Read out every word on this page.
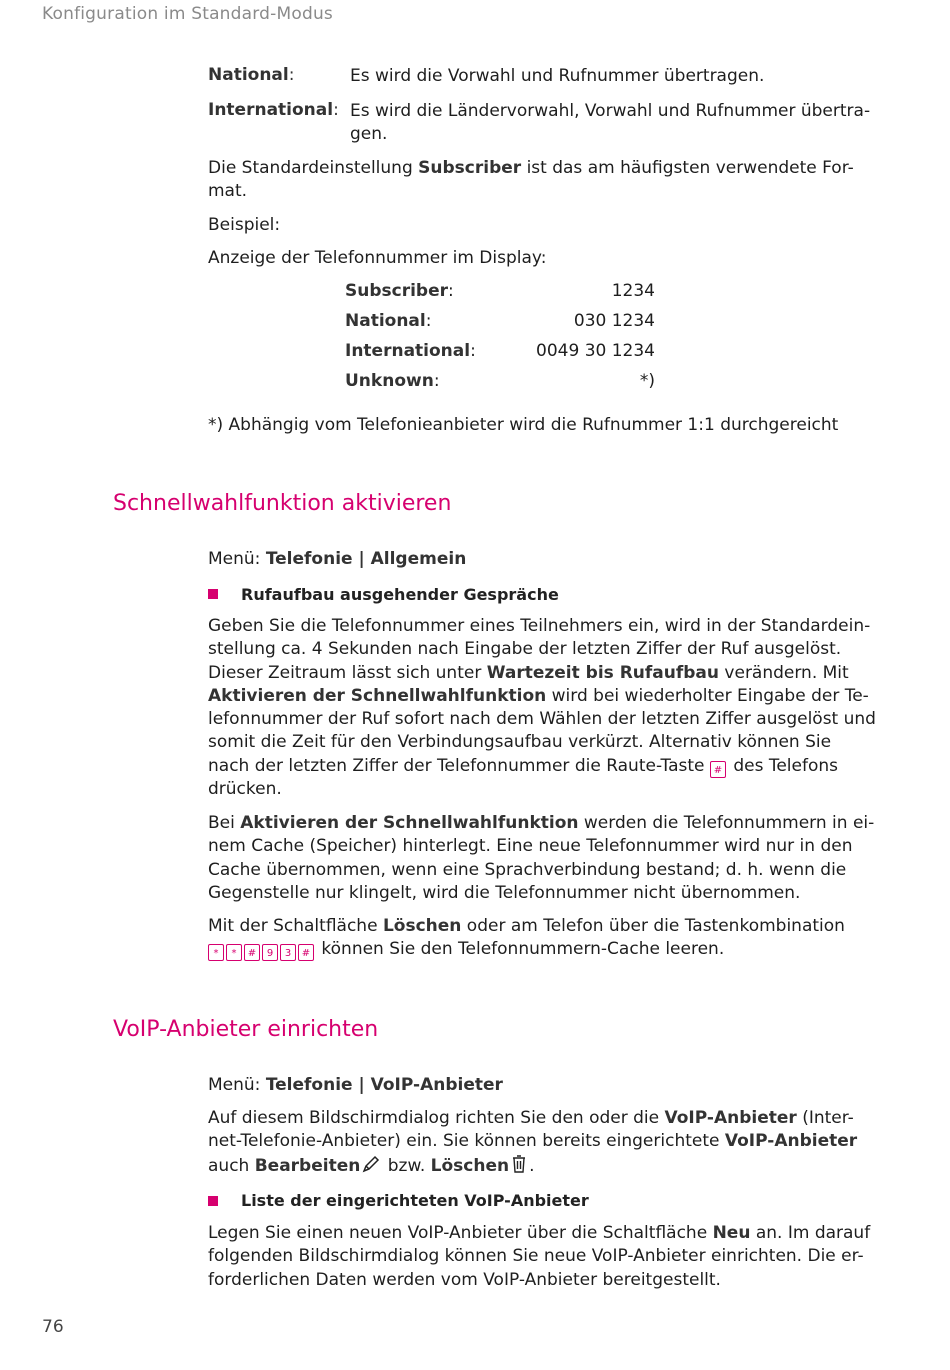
Konfiguration im Standard-Modus
National:	Es wird die Vorwahl und Rufnummer übertragen.
International: Es wird die Ländervorwahl, Vorwahl und Rufnummer übertra-
gen.
Die Standardeinstellung Subscriber ist das am häufigsten verwendete For-
mat.
Beispiel:
Anzeige der Telefonnummer im Display:
Subscriber:	1234
National:	030 1234
International:	0049 30 1234
Unknown:	*)
*) Abhängig vom Telefonieanbieter wird die Rufnummer 1:1 durchgereicht
Schnellwahlfunktion aktivieren
Menü: Telefonie | Allgemein
Rufaufbau ausgehender Gespräche
Geben Sie die Telefonnummer eines Teilnehmers ein, wird in der Standardein-
stellung ca. 4 Sekunden nach Eingabe der letzten Ziffer der Ruf ausgelöst.
Dieser Zeitraum lässt sich unter Wartezeit bis Rufaufbau verändern. Mit
Aktivieren der Schnellwahlfunktion wird bei wiederholter Eingabe der Te-
lefonnummer der Ruf sofort nach dem Wählen der letzten Ziffer ausgelöst und
somit die Zeit für den Verbindungsaufbau verkürzt. Alternativ können Sie
nach der letzten Ziffer der Telefonnummer die Raute-Taste # des Telefons
drücken.
Bei Aktivieren der Schnellwahlfunktion werden die Telefonnummern in ei-
nem Cache (Speicher) hinterlegt. Eine neue Telefonnummer wird nur in den
Cache übernommen, wenn eine Sprachverbindung bestand; d. h. wenn die
Gegenstelle nur klingelt, wird die Telefonnummer nicht übernommen.
Mit der Schaltfläche Löschen oder am Telefon über die Tastenkombination
* * # 9 3 # können Sie den Telefonnummern-Cache leeren.
VoIP-Anbieter einrichten
Menü: Telefonie | VoIP-Anbieter
Auf diesem Bildschirmdialog richten Sie den oder die VoIP-Anbieter (Inter-
net-Telefonie-Anbieter) ein. Sie können bereits eingerichtete VoIP-Anbieter
auch Bearbeiten bzw. Löschen .
Liste der eingerichteten VoIP-Anbieter
Legen Sie einen neuen VoIP-Anbieter über die Schaltfläche Neu an. Im darauf
folgenden Bildschirmdialog können Sie neue VoIP-Anbieter einrichten. Die er-
forderlichen Daten werden vom VoIP-Anbieter bereitgestellt.
76
